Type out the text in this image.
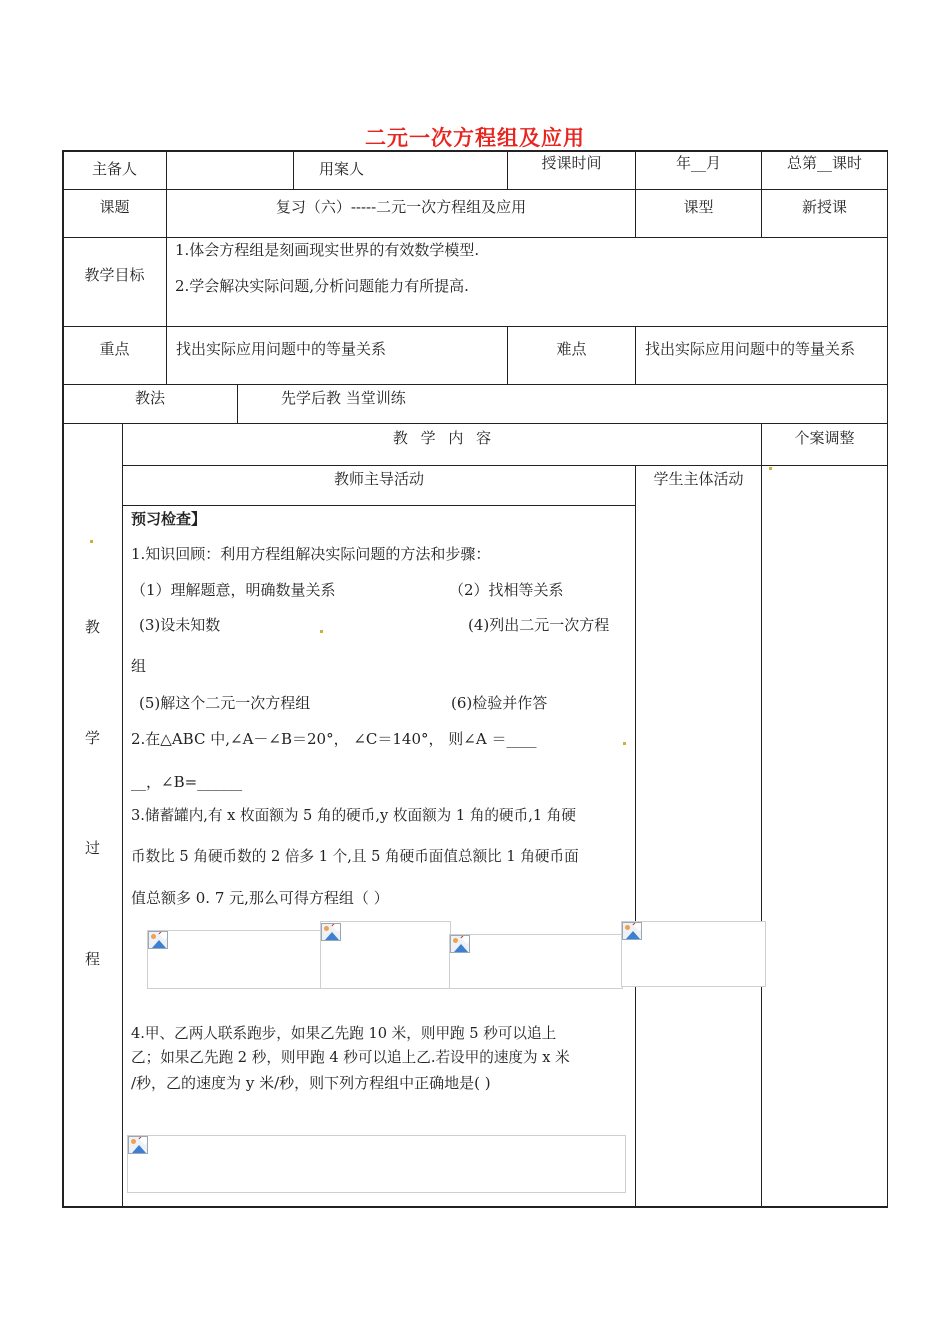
二元一次方程组及应用
主备人	用案人	授课时间	年__月	总第__课时
课题	复习（六）-----二元一次方程组及应用	课型	新授课
教学目标
1.体会方程组是刻画现实世界的有效数学模型.
2.学会解决实际问题,分析问题能力有所提高.
重点	找出实际应用问题中的等量关系	难点	找出实际应用问题中的等量关系
教法	先学后教 当堂训练
教
学
过
程
教 学 内 容	个案调整
教师主导活动	学生主体活动
预习检查】
1.知识回顾：利用方程组解决实际问题的方法和步骤：
（1）理解题意，明确数量关系	（2）找相等关系
(3)设未知数	(4)列出二元一次方程
组
(5)解这个二元一次方程组	(6)检验并作答
2.在△ABC 中,∠A－∠B＝20°， ∠C＝140°， 则∠A ＝____
__，∠B=______
3.储蓄罐内,有 x 枚面额为 5 角的硬币,y 枚面额为 1 角的硬币,1 角硬
币数比 5 角硬币数的 2 倍多 1 个,且 5 角硬币面值总额比 1 角硬币面
值总额多 0. 7 元,那么可得方程组（ ）
4.甲、乙两人联系跑步，如果乙先跑 10 米，则甲跑 5 秒可以追上
乙；如果乙先跑 2 秒，则甲跑 4 秒可以追上乙.若设甲的速度为 x 米
/秒，乙的速度为 y 米/秒，则下列方程组中正确地是( )
